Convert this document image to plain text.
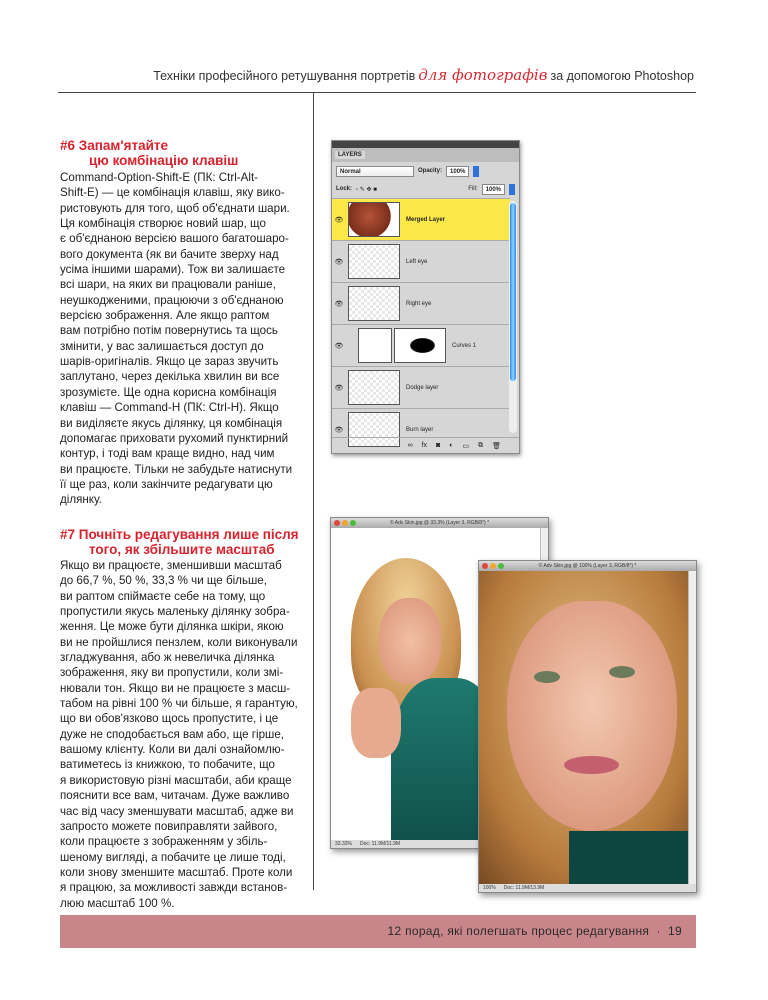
Техніки професійного ретушування портретів для фотографів за допомогою Photoshop
#6 Запам'ятайте
цю комбінацію клавіш
Command-Option-Shift-E (ПК: Ctrl-Alt-
Shift-E) — це комбінація клавіш, яку вико-
ристовують для того, щоб об'єднати шари.
Ця комбінація створює новий шар, що
є об'єднаною версією вашого багатошаро-
вого документа (як ви бачите зверху над
усіма іншими шарами). Тож ви залишаєте
всі шари, на яких ви працювали раніше,
неушкодженими, працюючи з об'єднаною
версією зображення. Але якщо раптом
вам потрібно потім повернутись та щось
змінити, у вас залишається доступ до
шарів-оригіналів. Якщо це зараз звучить
заплутано, через декілька хвилин ви все
зрозумієте. Ще одна корисна комбінація
клавіш — Command-H (ПК: Ctrl-H). Якщо
ви виділяєте якусь ділянку, ця комбінація
допомагає приховати рухомий пунктирний
контур, і тоді вам краще видно, над чим
ви працюєте. Тільки не забудьте натиснути
її ще раз, коли закінчите редагувати цю
ділянку.
#7 Почніть редагування лише після
того, як збільшите масштаб
Якщо ви працюєте, зменшивши масштаб
до 66,7 %, 50 %, 33,3 % чи ще більше,
ви раптом спіймаєте себе на тому, що
пропустили якусь маленьку ділянку зобра-
ження. Це може бути ділянка шкіри, якою
ви не пройшлися пензлем, коли виконували
згладжування, або ж невеличка ділянка
зображення, яку ви пропустили, коли змі-
нювали тон. Якщо ви не працюєте з масш-
табом на рівні 100 % чи більше, я гарантую,
що ви обов'язково щось пропустите, і це
дуже не сподобається вам або, ще гірше,
вашому клієнту. Коли ви далі ознайомлю-
ватиметесь із книжкою, то побачите, що
я використовую різні масштаби, аби краще
пояснити все вам, читачам. Дуже важливо
час від часу зменшувати масштаб, адже ви
запросто можете повиправляти зайвого,
коли працюєте з зображенням у збіль-
шеному вигляді, а побачите це лише тоді,
коли знову зменшите масштаб. Проте коли
я працюю, за можливості завжди встанов-
люю масштаб 100 %.
LAYERS
Normal	Opacity:	100%
Lock: ▫ ✎ ✥ ■	Fill:	100%
👁	Merged Layer
👁	Left eye
👁	Right eye
👁	Curves 1
👁	Dodge layer
👁	Burn layer
∞ fx ◙ ◐ ▭ ⧉ 🗑
© Adv Skin.jpg @ 33.3% (Layer 3, RGB/8*) *
33.33% Doc: 11.9M/11.9M
© Adv Skin.jpg @ 100% (Layer 3, RGB/8*) *
100% Doc: 11.9M/13.9M
12 порад, які полегшать процес редагування · 19
